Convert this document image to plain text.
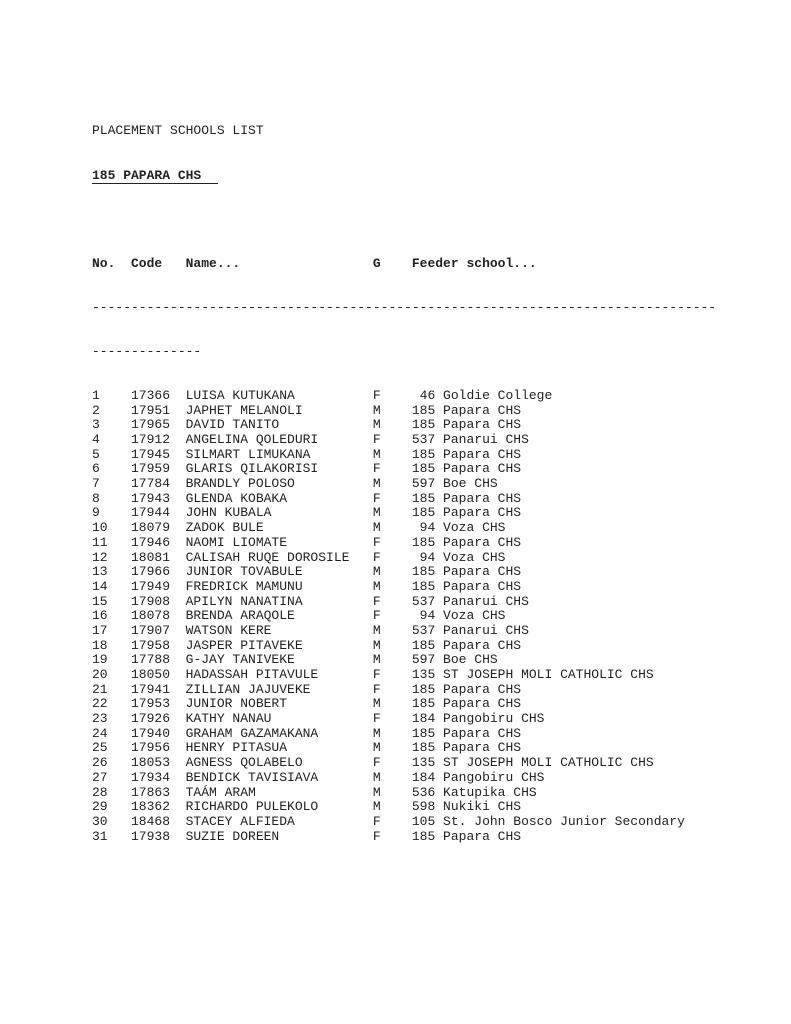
PLACEMENT SCHOOLS LIST

185 PAPARA CHS

No.  Code   Name...                 G    Feeder school...

--------------------------------------------------------------------------------

--------------

1    17366  LUISA KUTUKANA          F     46 Goldie College
2    17951  JAPHET MELANOLI         M    185 Papara CHS
3    17965  DAVID TANITO            M    185 Papara CHS
4    17912  ANGELINA QOLEDURI       F    537 Panarui CHS
5    17945  SILMART LIMUKANA        M    185 Papara CHS
6    17959  GLARIS QILAKORISI       F    185 Papara CHS
7    17784  BRANDLY POLOSO          M    597 Boe CHS
8    17943  GLENDA KOBAKA           F    185 Papara CHS
9    17944  JOHN KUBALA             M    185 Papara CHS
10   18079  ZADOK BULE              M     94 Voza CHS
11   17946  NAOMI LIOMATE           F    185 Papara CHS
12   18081  CALISAH RUQE DOROSILE   F     94 Voza CHS
13   17966  JUNIOR TOVABULE         M    185 Papara CHS
14   17949  FREDRICK MAMUNU         M    185 Papara CHS
15   17908  APILYN NANATINA         F    537 Panarui CHS
16   18078  BRENDA ARAQOLE          F     94 Voza CHS
17   17907  WATSON KERE             M    537 Panarui CHS
18   17958  JASPER PITAVEKE         M    185 Papara CHS
19   17788  G-JAY TANIVEKE          M    597 Boe CHS
20   18050  HADASSAH PITAVULE       F    135 ST JOSEPH MOLI CATHOLIC CHS
21   17941  ZILLIAN JAJUVEKE        F    185 Papara CHS
22   17953  JUNIOR NOBERT           M    185 Papara CHS
23   17926  KATHY NANAU             F    184 Pangobiru CHS
24   17940  GRAHAM GAZAMAKANA       M    185 Papara CHS
25   17956  HENRY PITASUA           M    185 Papara CHS
26   18053  AGNESS QOLABELO         F    135 ST JOSEPH MOLI CATHOLIC CHS
27   17934  BENDICK TAVISIAVA       M    184 Pangobiru CHS
28   17863  TAÁM ARAM               M    536 Katupika CHS
29   18362  RICHARDO PULEKOLO       M    598 Nukiki CHS
30   18468  STACEY ALFIEDA          F    105 St. John Bosco Junior Secondary
31   17938  SUZIE DOREEN            F    185 Papara CHS
